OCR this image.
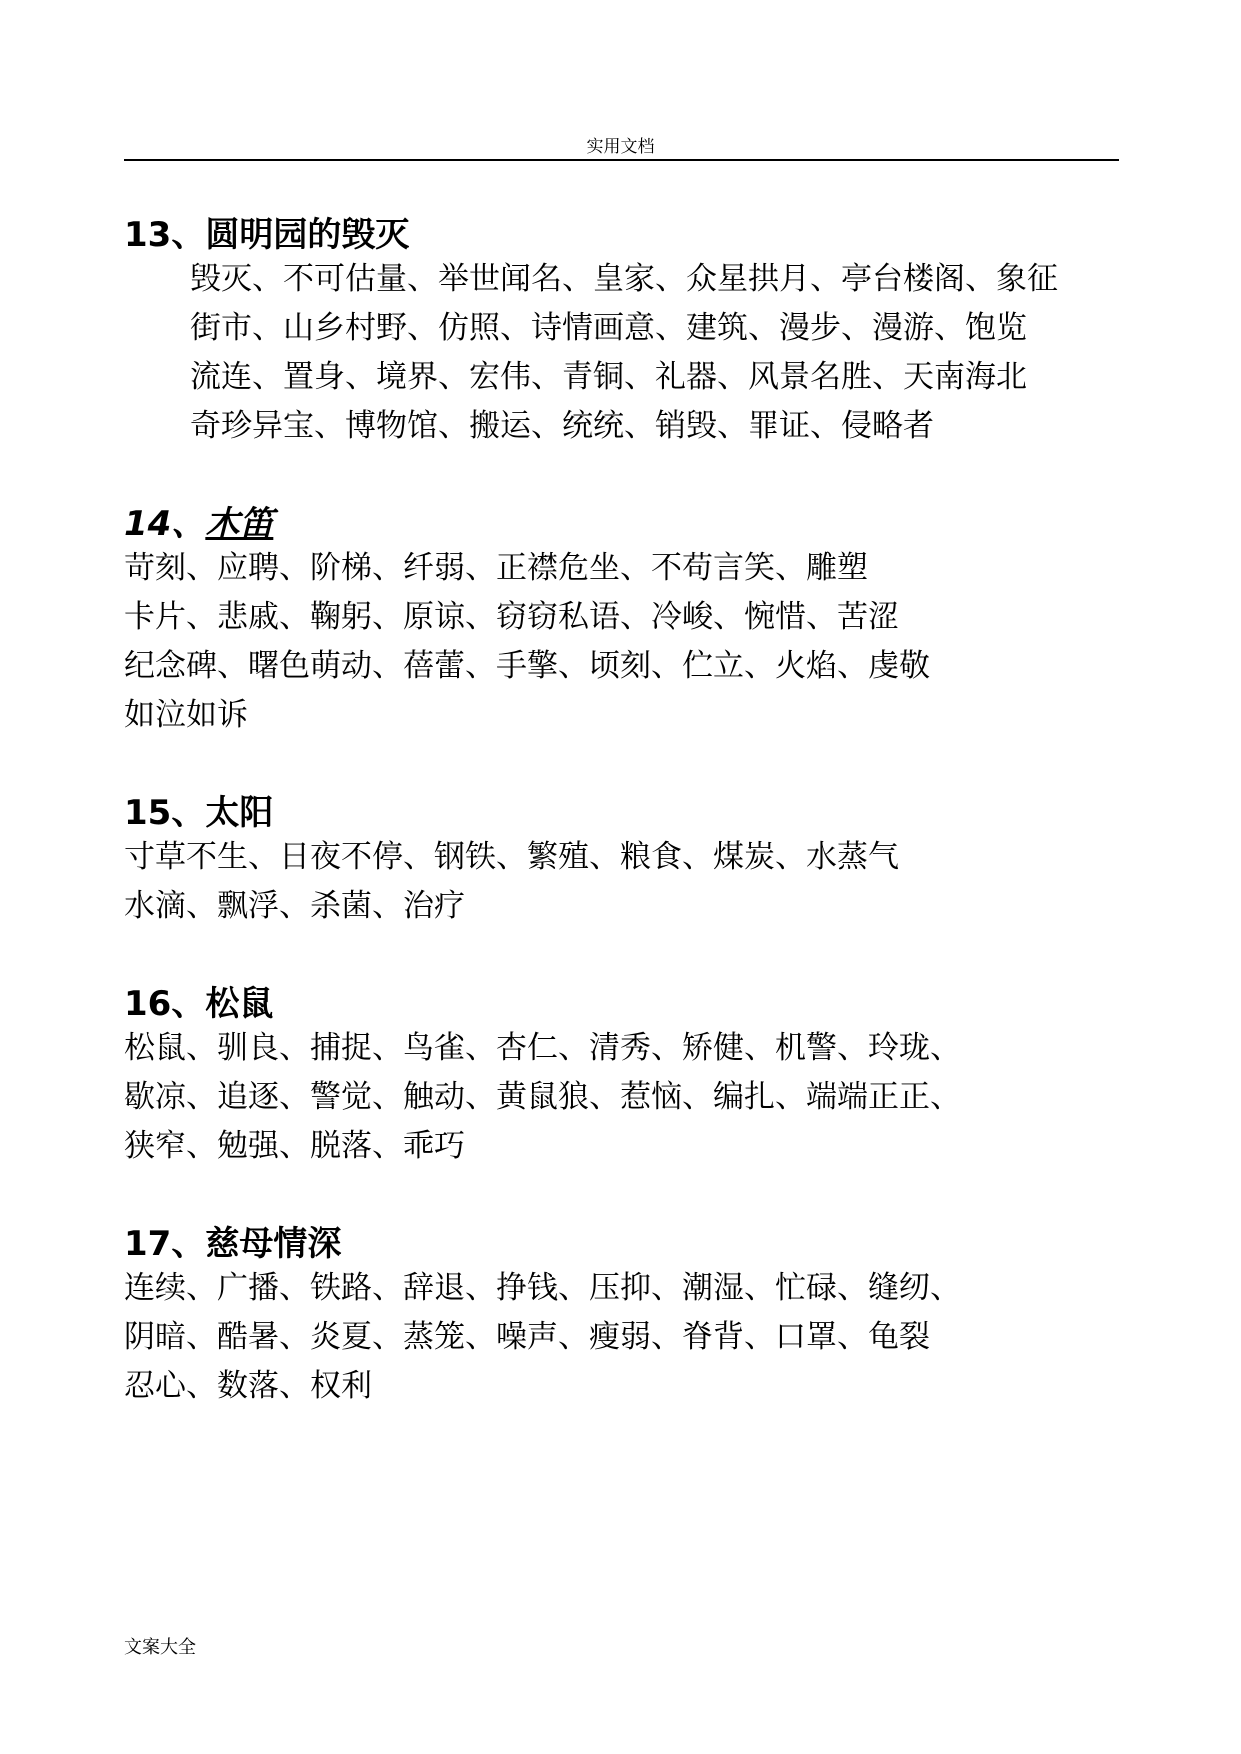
实用文档
13、圆明园的毁灭
毁灭、不可估量、举世闻名、皇家、众星拱月、亭台楼阁、象征
街市、山乡村野、仿照、诗情画意、建筑、漫步、漫游、饱览
流连、置身、境界、宏伟、青铜、礼器、风景名胜、天南海北
奇珍异宝、博物馆、搬运、统统、销毁、罪证、侵略者
14、木笛
苛刻、应聘、阶梯、纤弱、正襟危坐、不苟言笑、雕塑
卡片、悲戚、鞠躬、原谅、窃窃私语、冷峻、惋惜、苦涩
纪念碑、曙色萌动、蓓蕾、手擎、顷刻、伫立、火焰、虔敬
如泣如诉
15、太阳
寸草不生、日夜不停、钢铁、繁殖、粮食、煤炭、水蒸气
水滴、飘浮、杀菌、治疗
16、松鼠
松鼠、驯良、捕捉、鸟雀、杏仁、清秀、矫健、机警、玲珑、
歇凉、追逐、警觉、触动、黄鼠狼、惹恼、编扎、端端正正、
狭窄、勉强、脱落、乖巧
17、慈母情深
连续、广播、铁路、辞退、挣钱、压抑、潮湿、忙碌、缝纫、
阴暗、酷暑、炎夏、蒸笼、噪声、瘦弱、脊背、口罩、龟裂
忍心、数落、权利
文案大全
